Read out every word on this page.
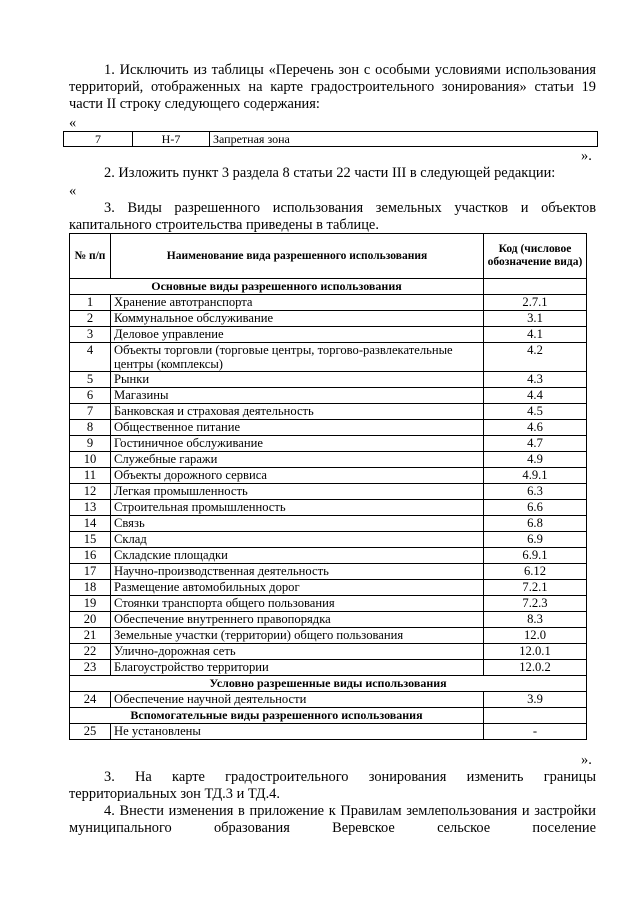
1. Исключить из таблицы «Перечень зон с особыми условиями использования территорий, отображенных на карте градостроительного зонирования» статьи 19 части II строку следующего содержания:

«

7	Н-7	Запретная зона

».

2. Изложить пункт 3 раздела 8 статьи 22 части III в следующей редакции:

«

3. Виды разрешенного использования земельных участков и объектов капитального строительства приведены в таблице.

№ п/п	Наименование вида разрешенного использования	Код (числовое обозначение вида)
Основные виды разрешенного использования		
1	Хранение автотранспорта	2.7.1
2	Коммунальное обслуживание	3.1
3	Деловое управление	4.1
4	Объекты торговли (торговые центры, торгово-развлекательные центры (комплексы)	4.2
5	Рынки	4.3
6	Магазины	4.4
7	Банковская и страховая деятельность	4.5
8	Общественное питание	4.6
9	Гостиничное обслуживание	4.7
10	Служебные гаражи	4.9
11	Объекты дорожного сервиса	4.9.1
12	Легкая промышленность	6.3
13	Строительная промышленность	6.6
14	Связь	6.8
15	Склад	6.9
16	Складские площадки	6.9.1
17	Научно-производственная деятельность	6.12
18	Размещение автомобильных дорог	7.2.1
19	Стоянки транспорта общего пользования	7.2.3
20	Обеспечение внутреннего правопорядка	8.3
21	Земельные участки (территории) общего пользования	12.0
22	Улично-дорожная сеть	12.0.1
23	Благоустройство территории	12.0.2
Условно разрешенные виды использования		
24	Обеспечение научной деятельности	3.9
Вспомогательные виды разрешенного использования		
25	Не установлены	-

».

3. На карте градостроительного зонирования изменить границы территориальных зон ТД.3 и ТД.4.

4. Внести изменения в приложение к Правилам землепользования и застройки муниципального образования Веревское сельское поселение
